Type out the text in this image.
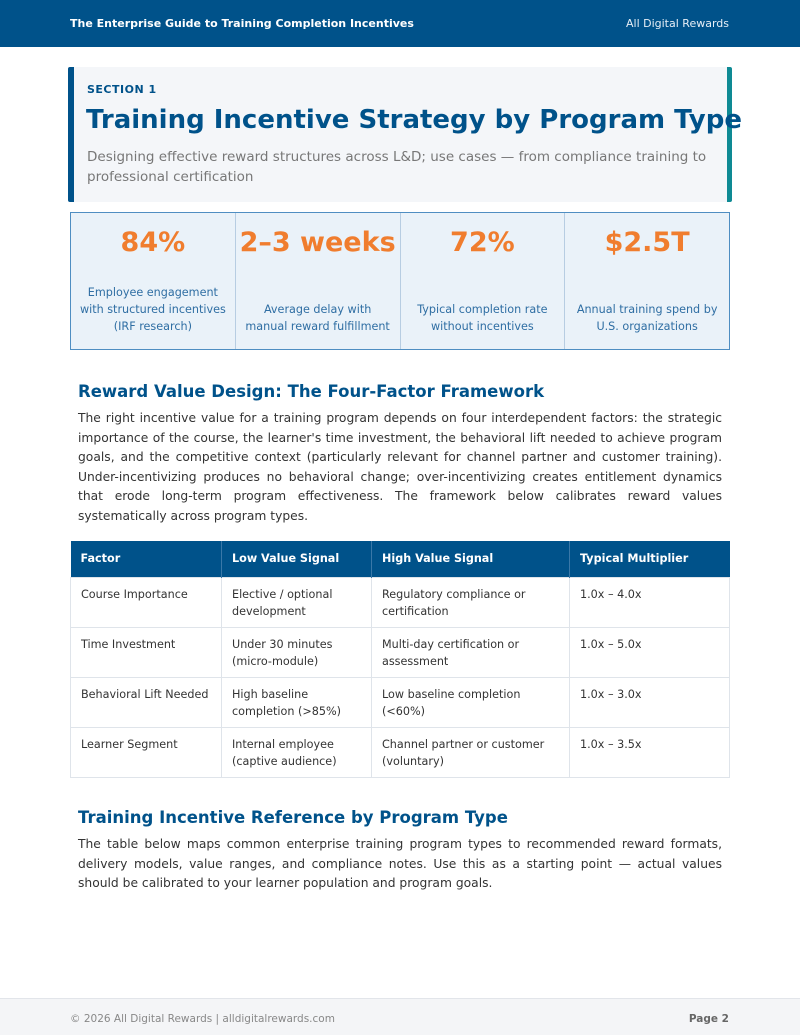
The Enterprise Guide to Training Completion Incentives	All Digital Rewards
SECTION 1
Training Incentive Strategy by Program Type
Designing effective reward structures across L&D; use cases — from compliance training to professional certification
84%
Employee engagement with structured incentives (IRF research)
2–3 weeks
Average delay with manual reward fulfillment
72%
Typical completion rate without incentives
$2.5T
Annual training spend by U.S. organizations
Reward Value Design: The Four-Factor Framework

The right incentive value for a training program depends on four interdependent factors: the strategic importance of the course, the learner's time investment, the behavioral lift needed to achieve program goals, and the competitive context (particularly relevant for channel partner and customer training). Under-incentivizing produces no behavioral change; over-incentivizing creates entitlement dynamics that erode long-term program effectiveness. The framework below calibrates reward values systematically across program types.

Factor	Low Value Signal	High Value Signal	Typical Multiplier
Course Importance	Elective / optional development	Regulatory compliance or certification	1.0x – 4.0x
Time Investment	Under 30 minutes (micro-module)	Multi-day certification or assessment	1.0x – 5.0x
Behavioral Lift Needed	High baseline completion (>85%)	Low baseline completion (<60%)	1.0x – 3.0x
Learner Segment	Internal employee (captive audience)	Channel partner or customer (voluntary)	1.0x – 3.5x
Training Incentive Reference by Program Type

The table below maps common enterprise training program types to recommended reward formats, delivery models, value ranges, and compliance notes. Use this as a starting point — actual values should be calibrated to your learner population and program goals.

© 2026 All Digital Rewards | alldigitalrewards.com	Page 2
